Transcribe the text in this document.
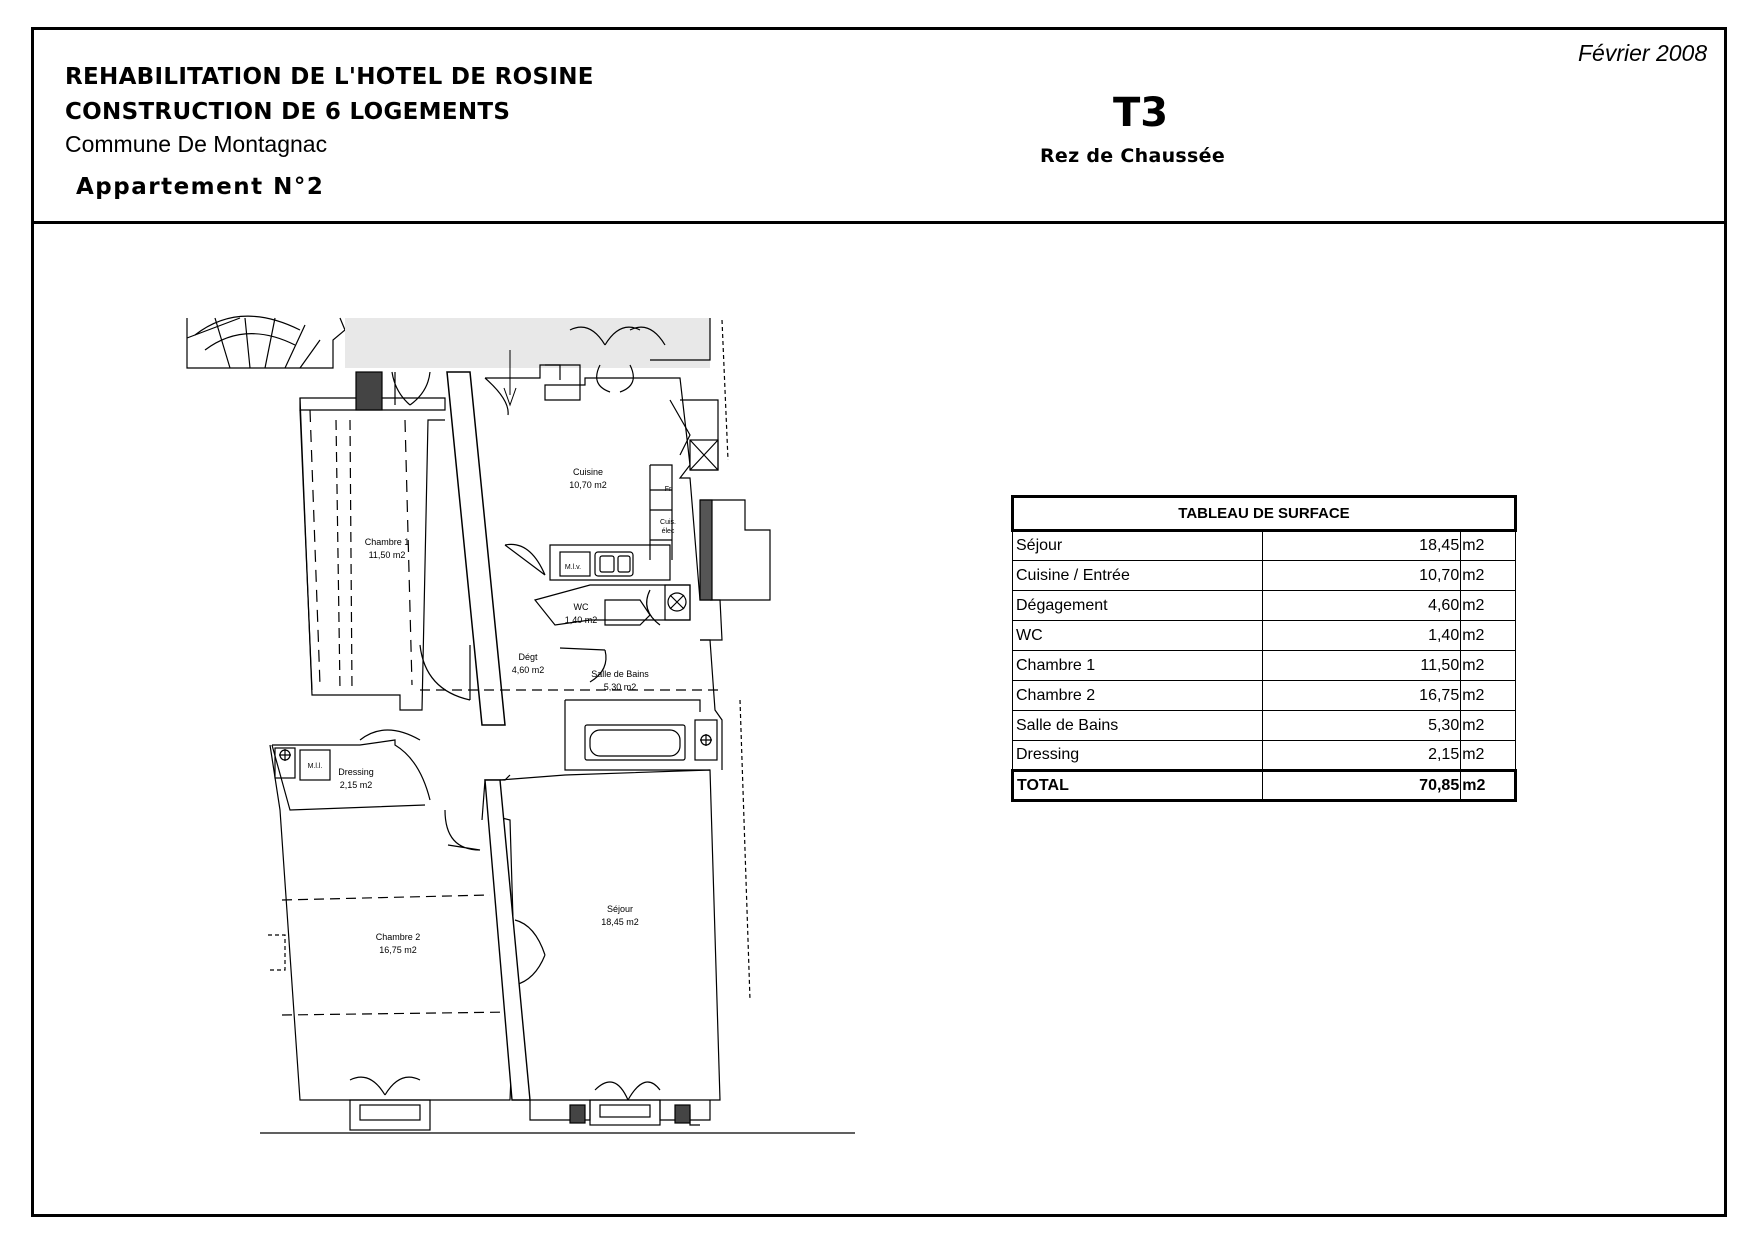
REHABILITATION DE L'HOTEL DE ROSINE
CONSTRUCTION DE 6 LOGEMENTS
Commune De Montagnac
Appartement N°2
T3
Rez de Chaussée
Février 2008
TABLEAU DE SURFACE		
Séjour	18,45	m2
Cuisine / Entrée	10,70	m2
Dégagement	4,60	m2
WC	1,40	m2
Chambre 1	11,50	m2
Chambre 2	16,75	m2
Salle de Bains	5,30	m2
Dressing	2,15	m2
TOTAL	70,85	m2
Cuisine
10,70 m2
Chambre 1
11,50 m2
WC
1,40 m2
Dégt
4,60 m2	Salle de Bains
5,30 m2
Dressing
2,15 m2
Chambre 2
16,75 m2
Séjour
18,45 m2
Fr
Cuis.
élec
M.l.v.
M.l.l.
